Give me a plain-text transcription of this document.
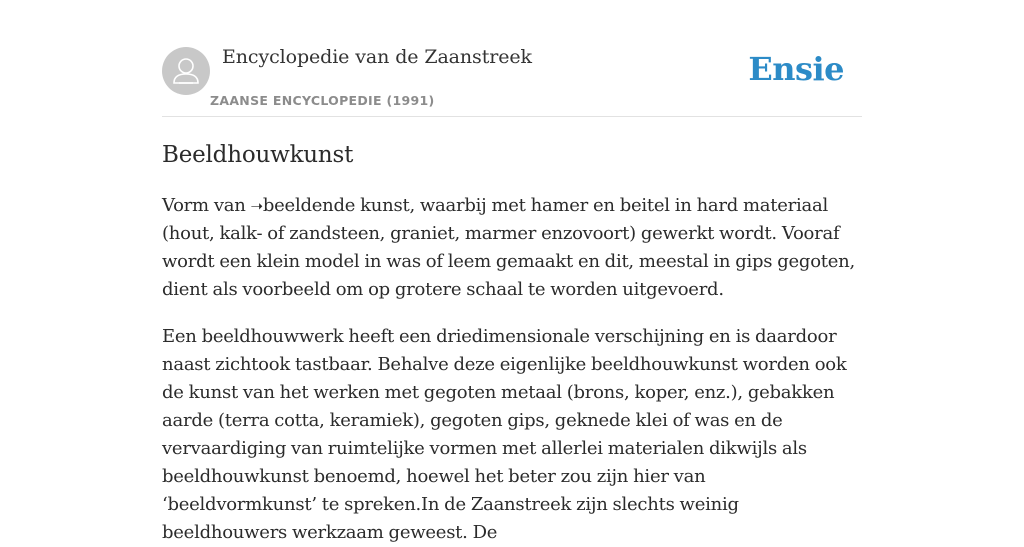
Encyclopedie van de Zaanstreek
ZAANSE ENCYCLOPEDIE (1991)
Ensie
Beeldhouwkunst

Vorm van ➝beeldende kunst, waarbij met hamer en beitel in hard materiaal (hout, kalk- of zandsteen, graniet, marmer enzovoort) gewerkt wordt. Vooraf wordt een klein model in was of leem gemaakt en dit, meestal in gips gegoten, dient als voorbeeld om op grotere schaal te worden uitgevoerd.

Een beeldhouwwerk heeft een driedimensionale verschijning en is daardoor naast zichtook tastbaar. Behalve deze eigenlijke beeldhouwkunst worden ook de kunst van het werken met gegoten metaal (brons, koper, enz.), gebakken aarde (terra cotta, keramiek), gegoten gips, geknede klei of was en de vervaardiging van ruimtelijke vormen met allerlei materialen dikwijls als beeldhouwkunst benoemd, hoewel het beter zou zijn hier van ‘beeldvormkunst’ te spreken.In de Zaanstreek zijn slechts weinig beeldhouwers werkzaam geweest. De
